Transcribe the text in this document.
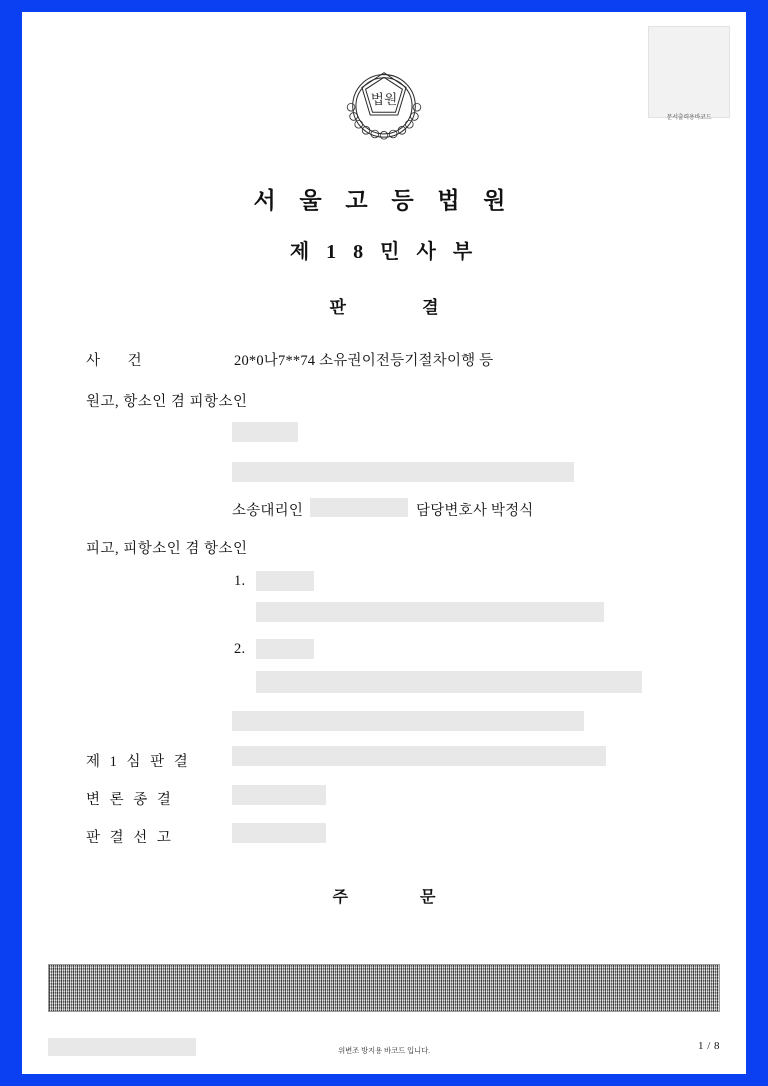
문서출력용바코드
법원
서 울 고 등 법 원
제 1 8 민 사 부
판 결
사 건	20*0나7**74 소유권이전등기절차이행 등
원고, 항소인 겸 피항소인
소송대리인	담당변호사 박정식
피고, 피항소인 겸 항소인
1.
2.
제 1 심 판 결
변 론 종 결
판 결 선 고
주 문
위변조 방지용 바코드 입니다.	1 / 8
